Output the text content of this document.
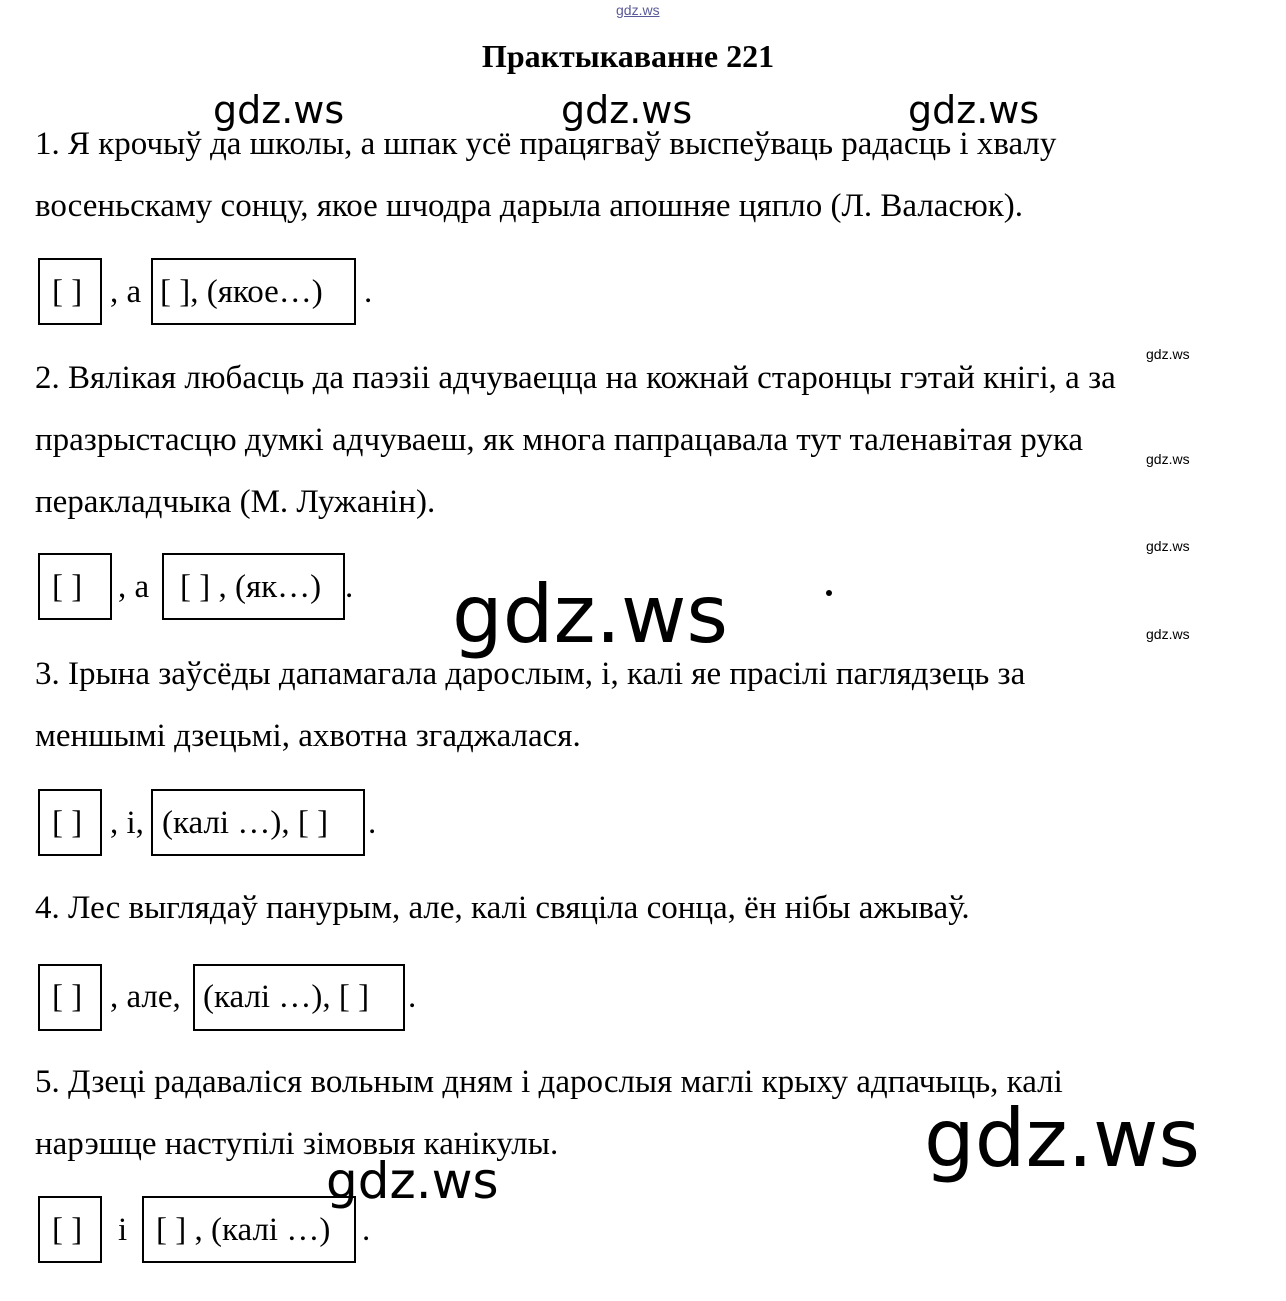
gdz.ws
Практыкаванне 221
gdz.ws	gdz.ws	gdz.ws
1. Я крочыў да школы, а шпак усё працягваў выспеўваць радасць і хвалу
восеньскаму сонцу, якое шчодра дарыла апошняе цяпло (Л. Валасюк).
[ ] , а [ ], (якое…) .
gdz.ws
2. Вялікая любасць да паэзіі адчуваецца на кожнай старонцы гэтай кнігі, а за
празрыстасцю думкі адчуваеш, як многа папрацавала тут таленавітая рука
gdz.ws
перакладчыка (М. Лужанін).
gdz.ws
[ ] , а [ ] , (як…) . gdz.ws	gdz.ws
3. Ірына заўсёды дапамагала дарослым, і, калі яе прасілі паглядзець за
меншымі дзецьмі, ахвотна згаджалася.
[ ] , і, (калі …), [ ] .
4. Лес выглядаў панурым, але, калі свяціла сонца, ён нібы ажываў.
[ ] , але, (калі …), [ ] .
5. Дзеці радаваліся вольным дням і дарослыя маглі крыху адпачыць, калі
нарэшце наступілі зімовыя канікулы.	gdz.ws
gdz.ws
[ ] і [ ] , (калі …) .
